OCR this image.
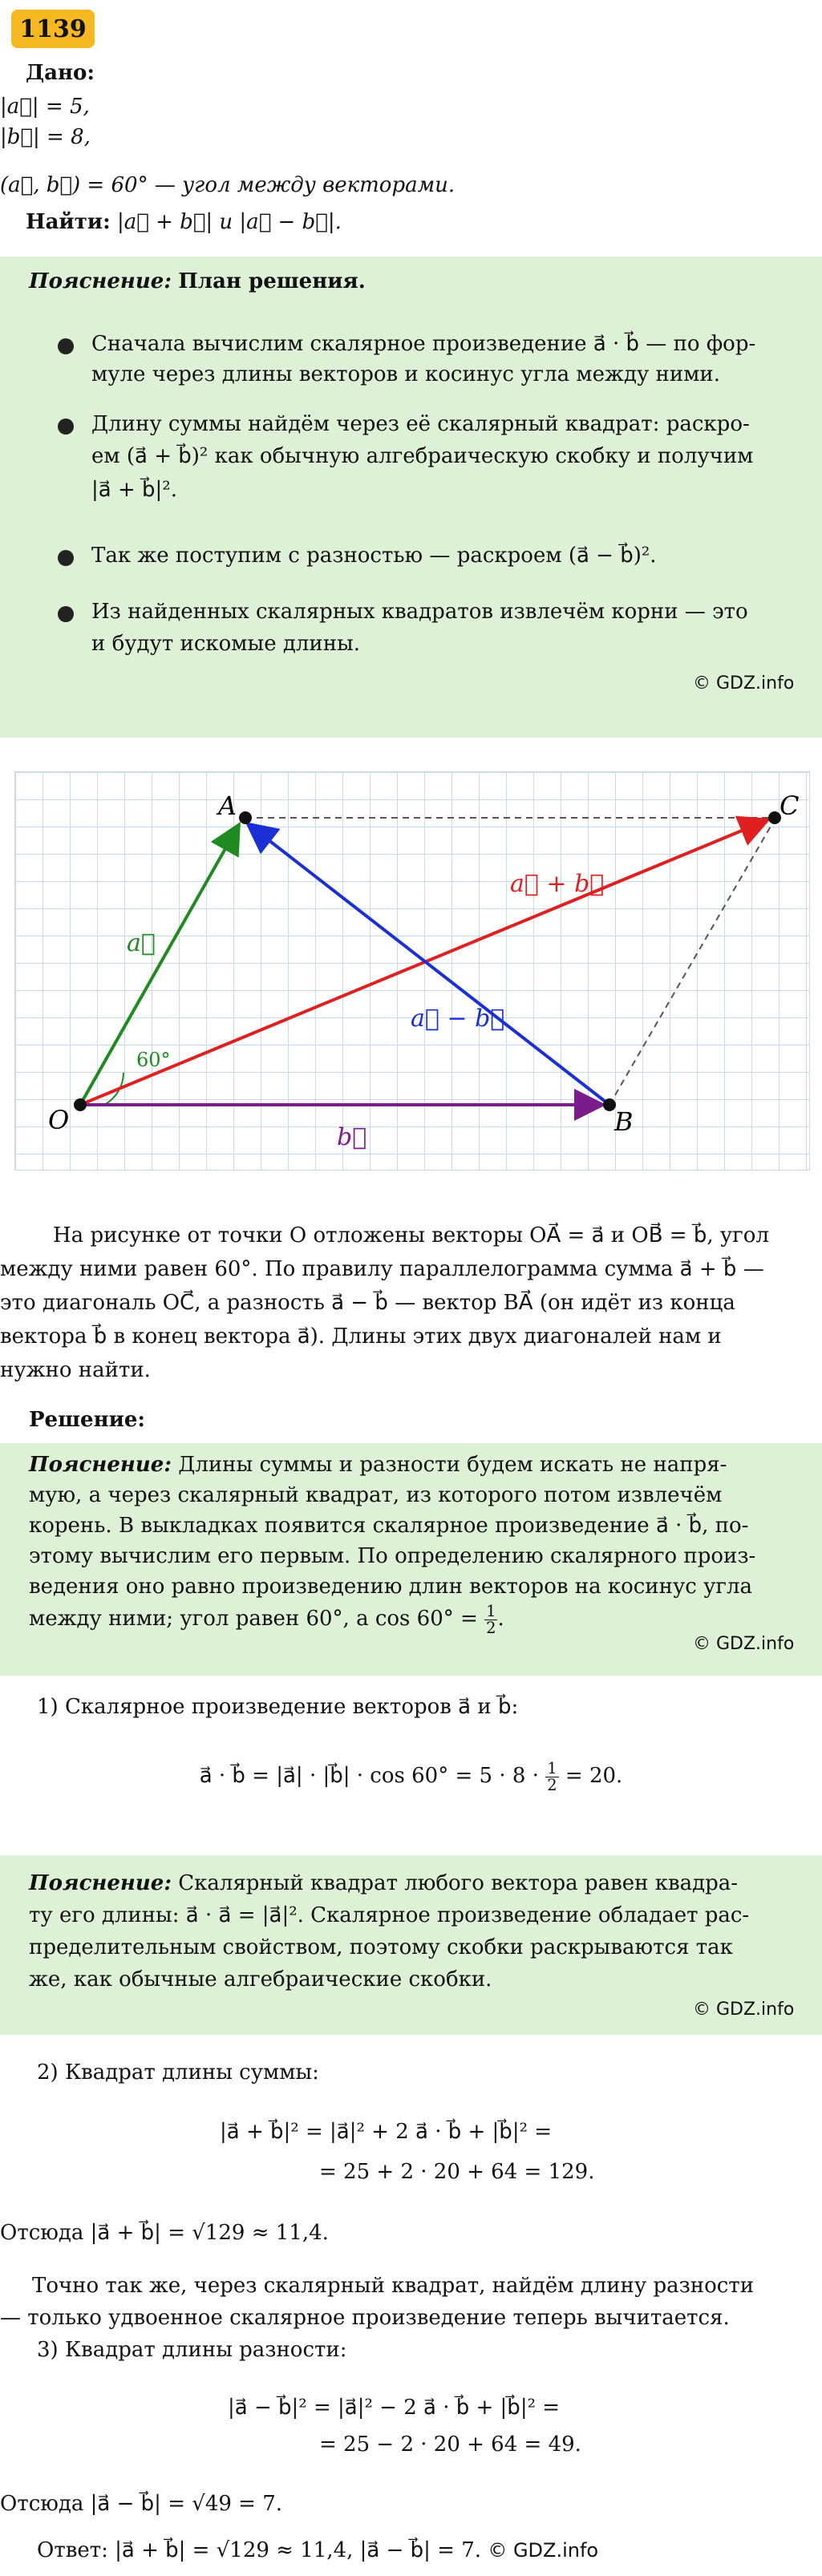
1139
Дано:
|a⃗| = 5,
|b⃗| = 8,
(a⃗, b⃗) = 60° — угол между векторами.
Найти: |a⃗ + b⃗| и |a⃗ − b⃗|.
Пояснение: План решения.
Сначала вычислим скалярное произведение a⃗ · b⃗ — по фор-
муле через длины векторов и косинус угла между ними.
Длину суммы найдём через её скалярный квадрат: раскро-
ем (a⃗ + b⃗)² как обычную алгебраическую скобку и получим
|a⃗ + b⃗|².
Так же поступим с разностью — раскроем (a⃗ − b⃗)².
Из найденных скалярных квадратов извлечём корни — это
и будут искомые длины.
© GDZ.info
O
A
B
C
a⃗
b⃗
a⃗ + b⃗
a⃗ − b⃗
60°
На рисунке от точки O отложены векторы OA⃗ = a⃗ и OB⃗ = b⃗, угол
между ними равен 60°. По правилу параллелограмма сумма a⃗ + b⃗ —
это диагональ OC⃗, а разность a⃗ − b⃗ — вектор BA⃗ (он идёт из конца
вектора b⃗ в конец вектора a⃗). Длины этих двух диагоналей нам и
нужно найти.
Решение:
Пояснение: Длины суммы и разности будем искать не напря-
мую, а через скалярный квадрат, из которого потом извлечём
корень. В выкладках появится скалярное произведение a⃗ · b⃗, по-
этому вычислим его первым. По определению скалярного произ-
ведения оно равно произведению длин векторов на косинус угла
между ними; угол равен 60°, а $\cos 60^\circ = \frac{1}{2}$ .
© GDZ.info
1) Скалярное произведение векторов a⃗ и b⃗:
a⃗ · b⃗ = |a⃗| · |b⃗| · $\cos 60^\circ = 5 \cdot 8 \cdot \frac{1}{2} = 20$.
Пояснение: Скалярный квадрат любого вектора равен квадра-
ту его длины: a⃗ · a⃗ = |a⃗|². Скалярное произведение обладает рас-
пределительным свойством, поэтому скобки раскрываются так
же, как обычные алгебраические скобки.
© GDZ.info
2) Квадрат длины суммы:
|a⃗ + b⃗|² = |a⃗|² + 2 a⃗ · b⃗ + |b⃗|² =
= 25 + 2 · 20 + 64 = 129.
Отсюда |a⃗ + b⃗| = √129 ≈ 11,4.
Точно так же, через скалярный квадрат, найдём длину разности
— только удвоенное скалярное произведение теперь вычитается.
3) Квадрат длины разности:
|a⃗ − b⃗|² = |a⃗|² − 2 a⃗ · b⃗ + |b⃗|² =
= 25 − 2 · 20 + 64 = 49.
Отсюда |a⃗ − b⃗| = √49 = 7.
Ответ: |a⃗ + b⃗| = √129 ≈ 11,4, |a⃗ − b⃗| = 7. © GDZ.info
